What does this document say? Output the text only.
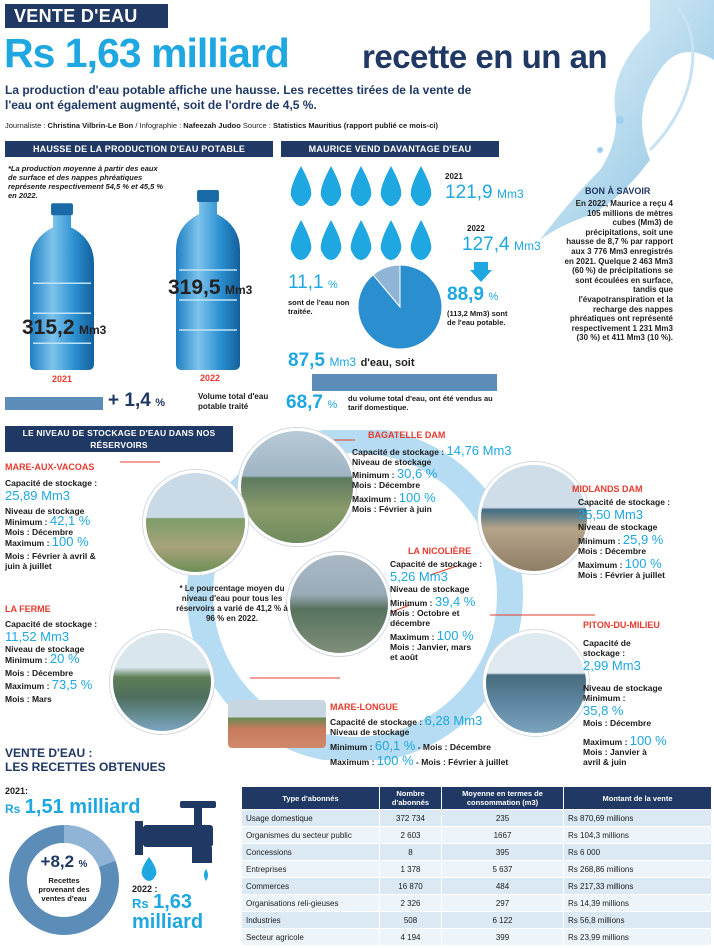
VENTE D'EAU
Rs 1,63 milliard recette en un an
La production d'eau potable affiche une hausse. Les recettes tirées de la vente de l'eau ont également augmenté, soit de l'ordre de 4,5 %.
Journaliste : Christina Vilbrin-Le Bon / Infographie : Nafeezah Judoo Source : Statistics Mauritius (rapport publié ce mois-ci)
HAUSSE DE LA PRODUCTION D'EAU POTABLE
*La production moyenne à partir des eaux de surface et des nappes phréatiques représente respectivement 54,5 % et 45,5 % en 2022.
315,2 Mm3
319,5 Mm3
2021	2022
+ 1,4 %
Volume total d'eau potable traité
MAURICE VEND DAVANTAGE D'EAU
2021
121,9 Mm3
2022
127,4 Mm3
11,1 %
sont de l'eau non traitée.
88,9 %
(113,2 Mm3) sont de l'eau potable.
87,5 Mm3 d'eau, soit
68,7 %
du volume total d'eau, ont été vendus au tarif domestique.
BON À SAVOIR
En 2022, Maurice a reçu 4 105 millions de mètres cubes (Mm3) de précipitations, soit une hausse de 8,7 % par rapport aux 3 776 Mm3 enregistrés en 2021. Quelque 2 463 Mm3 (60 %) de précipitations se sont écoulées en surface, tandis que l'évapotranspiration et la recharge des nappes phréatiques ont représenté respectivement 1 231 Mm3 (30 %) et 411 Mm3 (10 %).
LE NIVEAU DE STOCKAGE D'EAU DANS NOS RÉSERVOIRS
* Le pourcentage moyen du niveau d'eau pour tous les réservoirs a varié de 41,2 % à 96 % en 2022.
MARE-AUX-VACOAS
Capacité de stockage :
25,89 Mm3
Niveau de stockage
Minimum : 42,1 %
Mois : Décembre
Maximum : 100 %
Mois : Février à avril & juin à juillet
BAGATELLE DAM
Capacité de stockage : 14,76 Mm3
Niveau de stockage
Minimum : 30,6 %
Mois : Décembre
Maximum : 100 %
Mois : Février à juin
MIDLANDS DAM
Capacité de stockage :
25,50 Mm3
Niveau de stockage
Minimum : 25,9 %
Mois : Décembre
Maximum : 100 %
Mois : Février à juillet
LA NICOLIÈRE
Capacité de stockage :
5,26 Mm3
Niveau de stockage
Minimum : 39,4 %
Mois : Octobre et décembre
Maximum : 100 %
Mois : Janvier, mars et août
LA FERME
Capacité de stockage :
11,52 Mm3
Niveau de stockage
Minimum : 20 %
Mois : Décembre
Maximum : 73,5 %
Mois : Mars
PITON-DU-MILIEU
Capacité de stockage :
2,99 Mm3
Niveau de stockage
Minimum :
35,8 %
Mois : Décembre
Maximum : 100 %
Mois : Janvier à avril & juin
MARE-LONGUE
Capacité de stockage : 6,28 Mm3
Niveau de stockage
Minimum : 60,1 % - Mois : Décembre
Maximum : 100 % - Mois : Février à juillet
VENTE D'EAU :
LES RECETTES OBTENUES
2021:
Rs 1,51 milliard
+8,2 %
Recettes provenant des ventes d'eau
2022 :
Rs 1,63
milliard
Type d'abonnés	Nombre d'abonnés	Moyenne en termes de consommation (m3)	Montant de la vente
Usage domestique	372 734	235	Rs 870,69 millions
Organismes du secteur public	2 603	1667	Rs 104,3 millions
Concessions	8	395	Rs 6 000
Entreprises	1 378	5 637	Rs 268,86 millions
Commerces	16 870	484	Rs 217,33 millions
Organisations reli-gieuses	2 326	297	Rs 14,39 millions
Industries	508	6 122	Rs 56,8 millions
Secteur agricole	4 194	399	Rs 23,99 millions
